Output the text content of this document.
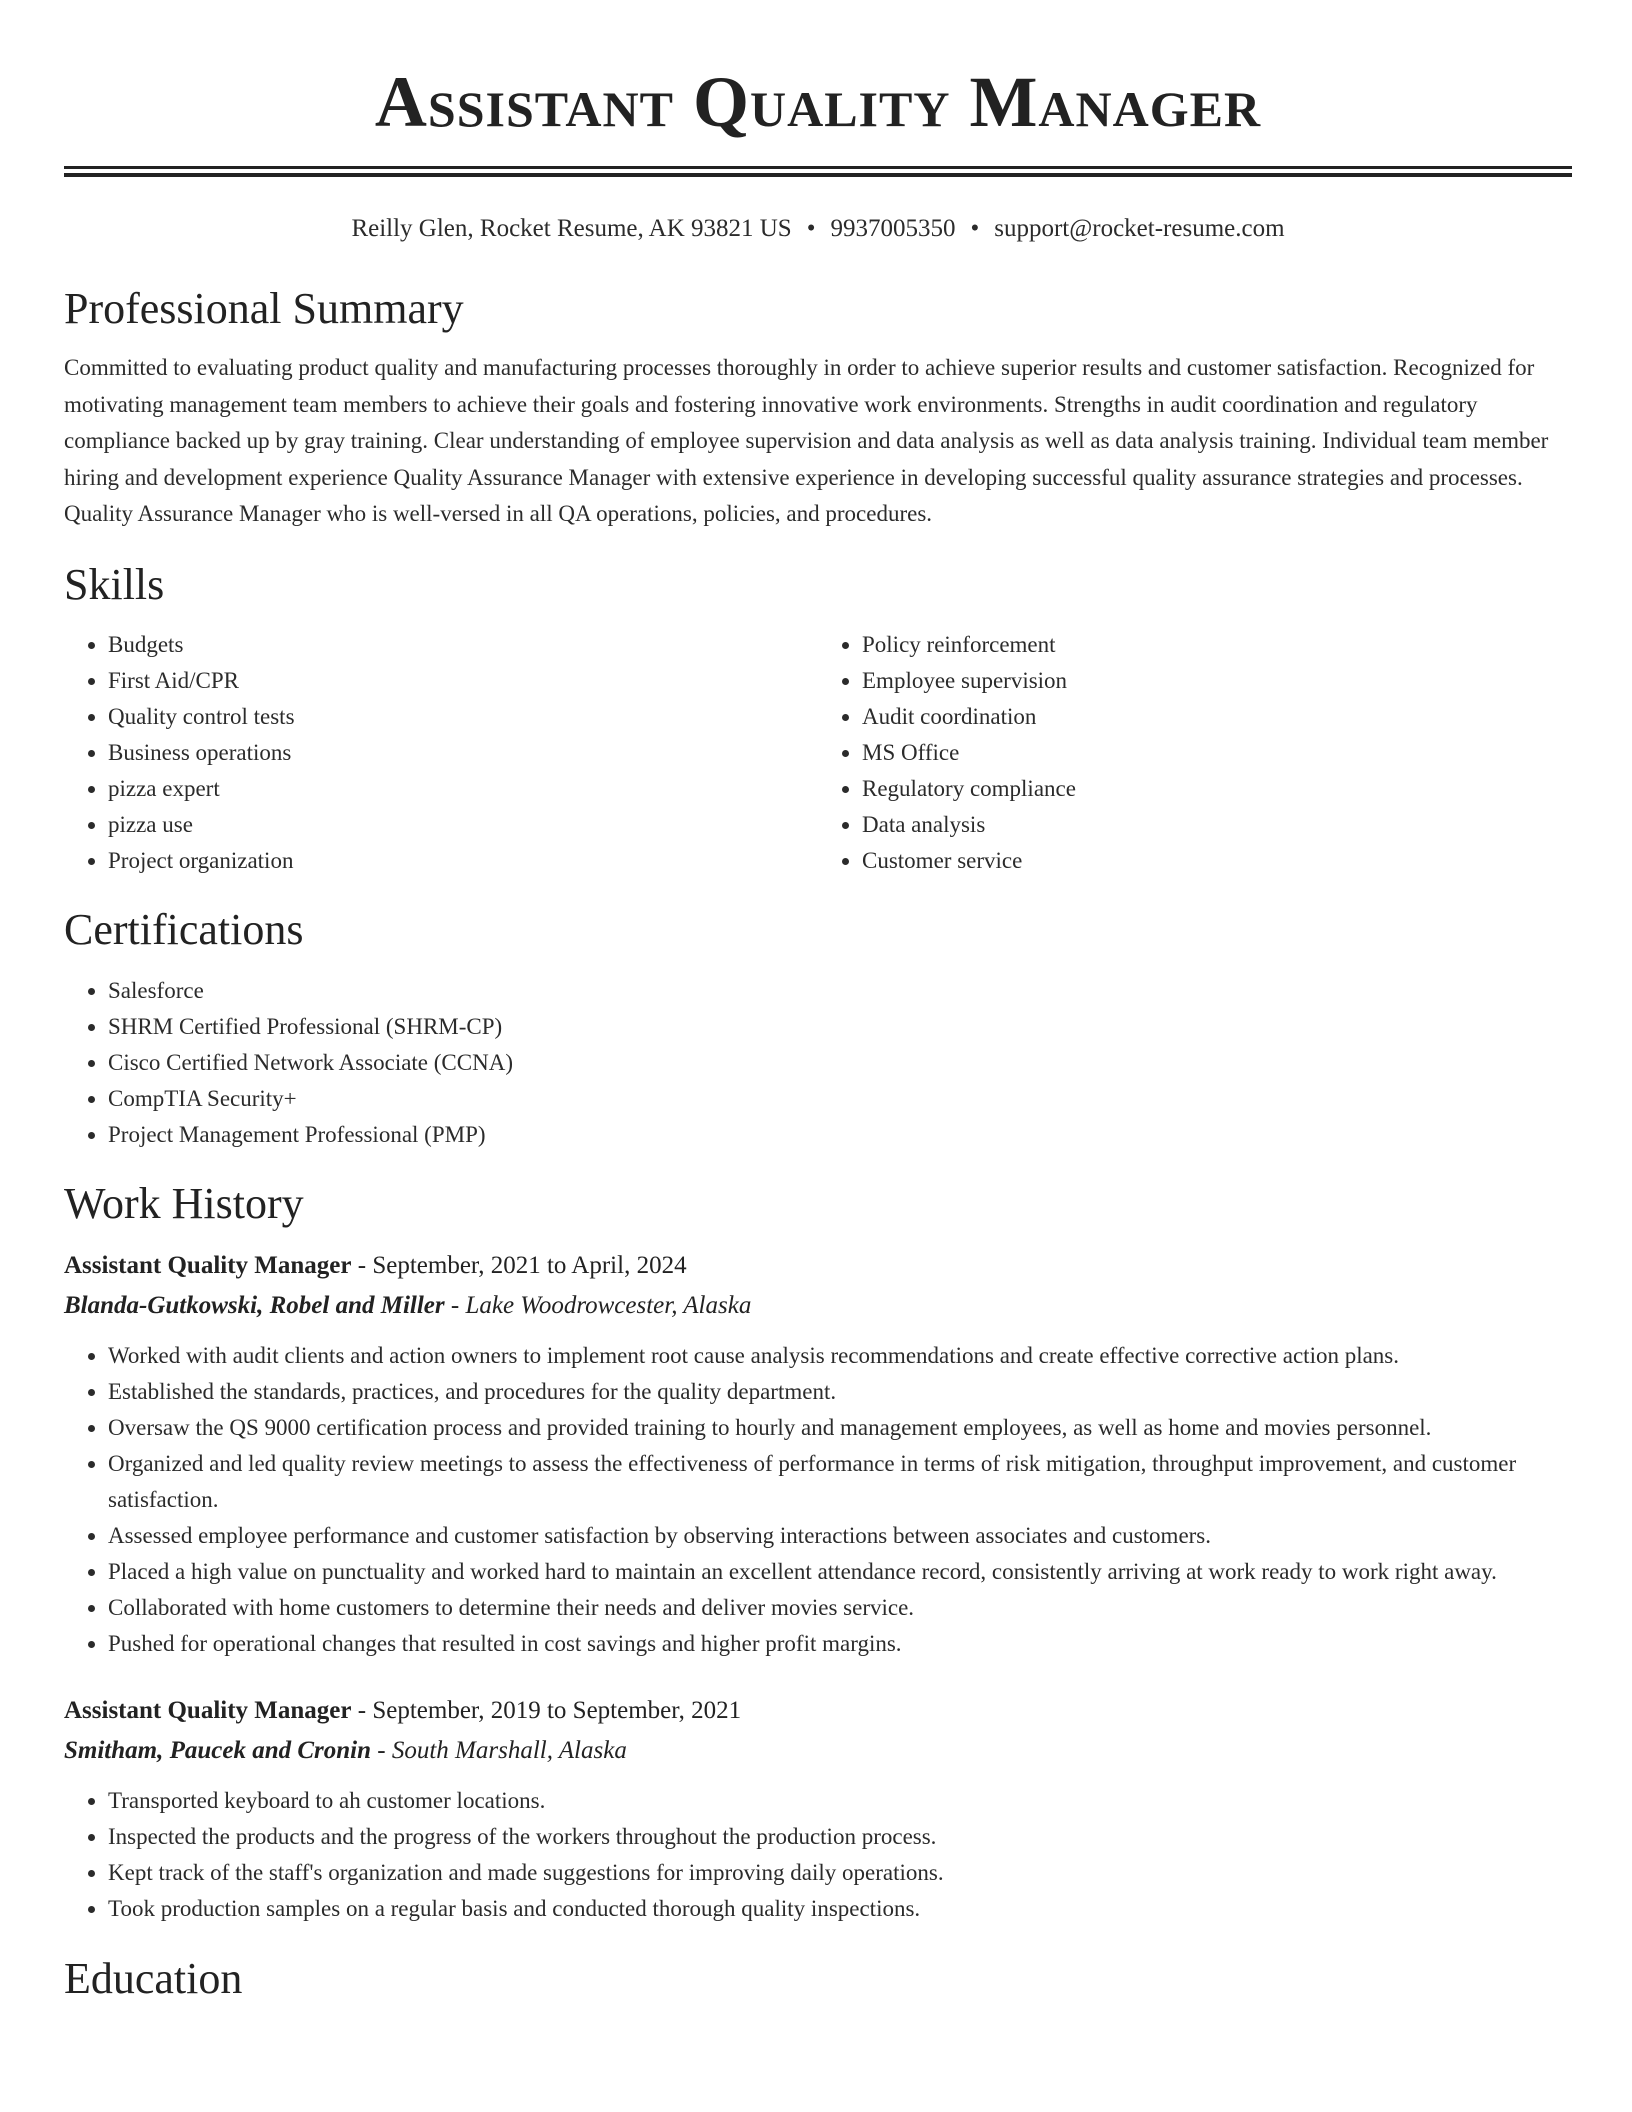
Assistant Quality Manager
Reilly Glen, Rocket Resume, AK 93821 US • 9937005350 • support@rocket-resume.com
Professional Summary
Committed to evaluating product quality and manufacturing processes thoroughly in order to achieve superior results and customer satisfaction. Recognized for motivating management team members to achieve their goals and fostering innovative work environments. Strengths in audit coordination and regulatory compliance backed up by gray training. Clear understanding of employee supervision and data analysis as well as data analysis training. Individual team member hiring and development experience Quality Assurance Manager with extensive experience in developing successful quality assurance strategies and processes. Quality Assurance Manager who is well-versed in all QA operations, policies, and procedures.
Skills
• Budgets
• First Aid/CPR
• Quality control tests
• Business operations
• pizza expert
• pizza use
• Project organization
• Policy reinforcement
• Employee supervision
• Audit coordination
• MS Office
• Regulatory compliance
• Data analysis
• Customer service
Certifications
• Salesforce
• SHRM Certified Professional (SHRM-CP)
• Cisco Certified Network Associate (CCNA)
• CompTIA Security+
• Project Management Professional (PMP)
Work History
Assistant Quality Manager - September, 2021 to April, 2024
Blanda-Gutkowski, Robel and Miller - Lake Woodrowcester, Alaska
• Worked with audit clients and action owners to implement root cause analysis recommendations and create effective corrective action plans.
• Established the standards, practices, and procedures for the quality department.
• Oversaw the QS 9000 certification process and provided training to hourly and management employees, as well as home and movies personnel.
• Organized and led quality review meetings to assess the effectiveness of performance in terms of risk mitigation, throughput improvement, and customer satisfaction.
• Assessed employee performance and customer satisfaction by observing interactions between associates and customers.
• Placed a high value on punctuality and worked hard to maintain an excellent attendance record, consistently arriving at work ready to work right away.
• Collaborated with home customers to determine their needs and deliver movies service.
• Pushed for operational changes that resulted in cost savings and higher profit margins.
Assistant Quality Manager - September, 2019 to September, 2021
Smitham, Paucek and Cronin - South Marshall, Alaska
• Transported keyboard to ah customer locations.
• Inspected the products and the progress of the workers throughout the production process.
• Kept track of the staff's organization and made suggestions for improving daily operations.
• Took production samples on a regular basis and conducted thorough quality inspections.
Education
